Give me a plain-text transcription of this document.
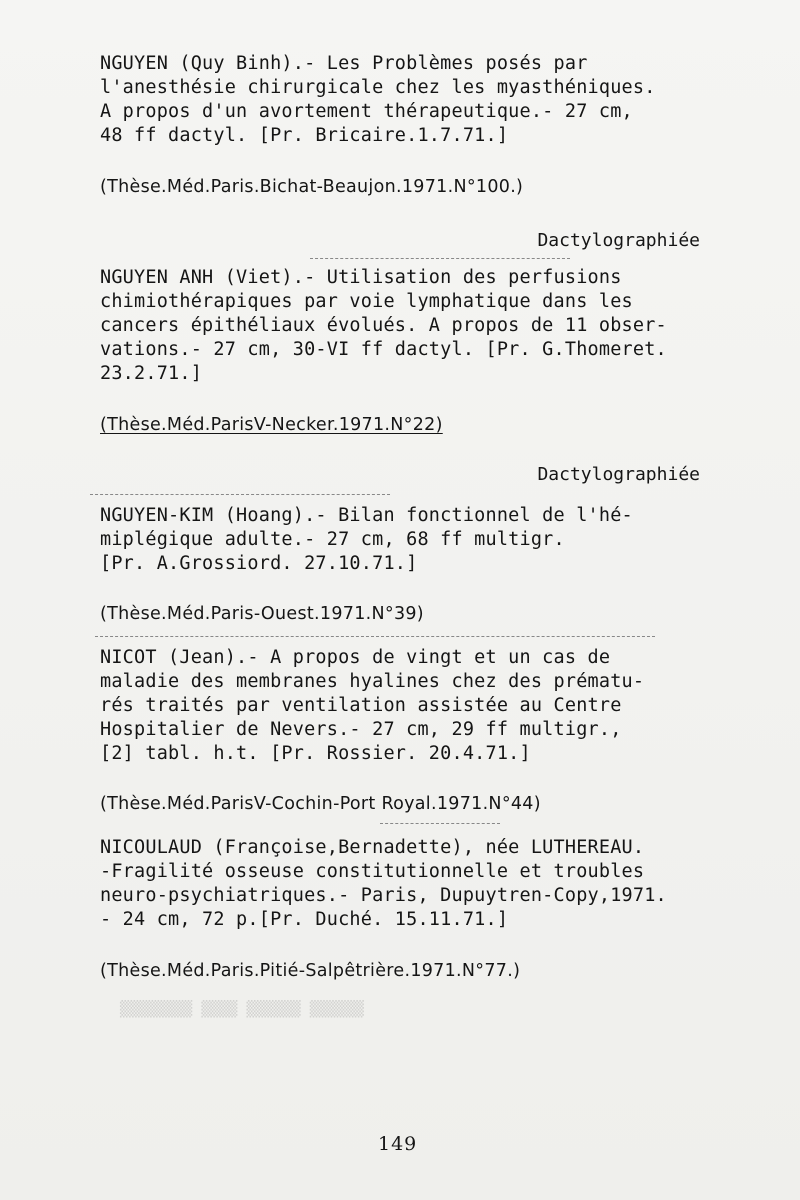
▒▒▒▒▒▒ ▒▒▒▒▒▒ ▒▒▒▒ ▒▒▒▒▒▒▒▒

NGUYEN (Quy Binh).- Les Problèmes posés par

l'anesthésie chirurgicale chez les myasthéniques.

A propos d'un avortement thérapeutique.- 27 cm,

48 ff dactyl. [Pr. Bricaire.1.7.71.]

(Thèse.Méd.Paris.Bichat-Beaujon.1971.N°100.)
Dactylographiée

NGUYEN ANH (Viet).- Utilisation des perfusions

chimiothérapiques par voie lymphatique dans les

cancers épithéliaux évolués. A propos de 11 obser-

vations.- 27 cm, 30-VI ff dactyl. [Pr. G.Thomeret.

23.2.71.]

(Thèse.Méd.ParisV-Necker.1971.N°22)
Dactylographiée

NGUYEN-KIM (Hoang).- Bilan fonctionnel de l'hé-

miplégique adulte.- 27 cm, 68 ff multigr.

[Pr. A.Grossiord. 27.10.71.]

(Thèse.Méd.Paris-Ouest.1971.N°39)

NICOT (Jean).- A propos de vingt et un cas de

maladie des membranes hyalines chez des prématu-

rés traités par ventilation assistée au Centre

Hospitalier de Nevers.- 27 cm, 29 ff multigr.,

[2] tabl. h.t. [Pr. Rossier. 20.4.71.]

(Thèse.Méd.ParisV-Cochin-Port Royal.1971.N°44)

NICOULAUD (Françoise,Bernadette), née LUTHEREAU.

-Fragilité osseuse constitutionnelle et troubles

neuro-psychiatriques.- Paris, Dupuytren-Copy,1971.

- 24 cm, 72 p.[Pr. Duché. 15.11.71.]

(Thèse.Méd.Paris.Pitié-Salpêtrière.1971.N°77.)
149
